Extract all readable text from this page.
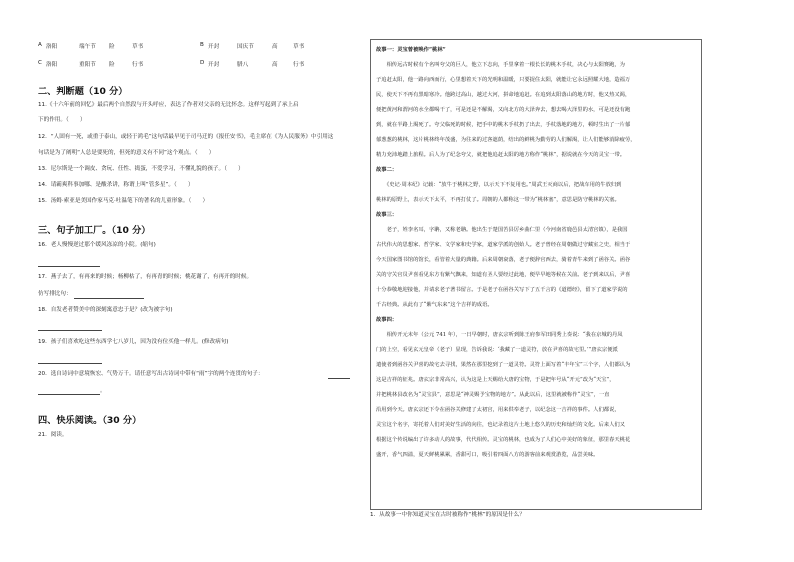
A 洛阳	端午节 险	草书	B 开封	国庆节	高	草书
C 洛阳	重阳节 险	行书	D 开封	腊八	高	行书
二、判断题（10 分）
11.《十六年前的回忆》最后两个自然段与开头呼应，表达了作者对父亲的无比怀念。这样写起到了承上启
下的作用。（　　）
12．“人固有一死，或重于泰山，或轻于鸿毛”这句话最早见于司马迁的《报任安书》，毛主席在《为人民服务》中引用这
句话是为了阐明“人总是要死的，但死的意义有不同”这个观点。（　　）
13．尼尔斯是一个调皮、贪玩、任性、捣蛋，不爱学习，不懂礼貌的孩子。（　　）
14．请霸爽科事加哪、是酸杀讲，称谓上叫“管多星”。（　　）
15．汤姆·索亚是美国作家马克·吐温笔下的著名的儿童形象。（　　）
三、句子加工厂。（10 分）
16．老人慢慢逆过那个缓风冻凉的小院。(缩句)
17．燕子去了，有再来的时候；杨柳枯了，有再青的时候；桃花谢了，有再开的时候。
仿写排比句：
18．自发老者赞美中的深刻寓意忠于是？(改为被字句)
19．孩子们喜欢吃这些东西学七八岁儿，因为没有位买他一样儿。(修改病句)
20．选自诗词中意境恢宏、气势万千。请任意写出古诗词中带有“雨”字的两个连贯的句子：
。
四、快乐阅读。（30 分）
21．阅读。
故事一：灵宝曾被唤作“桃林”
　　相传远古时候有个名叫夸父的巨人，他立下志向，手里拿着一根长长的桃木手杖，决心与太阳赛跑，为
子追赶太阳，他一路向西而行，心里想着天下的光明和温暖，只要捉住太阳，就能让它永远照耀大地，造福万
民，使天下不再有黑暗寒冷。他跨过高山，越过大河，拼命地追赶。在追到太阳落山的地方时，他又热又渴，
便把黄河和渭河的水全都喝干了，可是还是不解渴，又向北方的大泽奔去，想去喝大泽里的水，可是还没有跑
到，就在半路上渴死了。夸父临死的时候，把手中的桃木手杖扔了出去，手杖落地的地方，顿时生出了一片郁
郁葱葱的桃林，这片桃林终年茂盛，为往来的过客遮荫，结出的鲜桃为勤劳的人们解渴，让人们能够消除疲劳，
精力充沛地踏上旅程。后人为了纪念夸父，就把他追赶太阳的地方称作“桃林”，据说就在今天的灵宝一带。
故事二：
　　《史记·周本纪》记载：“放牛于桃林之野，以示天下不复用也。”周武王灭商以后，把战车用的牛放归到
桃林的原野上，表示天下太平，不再打仗了。周朝的人都称这一带为“桃林塞”，意思是防守桃林的关塞。
故事三：
　　老子，姓李名耳，字聃，又称老聃。他出生于楚国苦县厉乡曲仁里（今河南省鹿邑县太清宫镇），是我国
古代伟大的思想家、哲学家、文学家和史学家，道家学派的创始人。老子曾经在周朝做过守藏室之史，相当于
今天国家图书馆的馆长，看管着大量的典籍。后来周朝衰落，老子便辞官西去，骑着青牛来到了函谷关。函谷
关的守关官员尹喜看见东方有紫气飘来，知道有圣人要经过此地，便早早地等候在关前。老子到来以后，尹喜
十分恭敬地迎接他，并请求老子著书留言。于是老子在函谷关写下了五千言的《道德经》，留下了道家学说的
千古经典。从此有了“紫气东来”这个吉祥的成语。
故事四：
　　相传开元末年（公元 741 年），一日早朝时，唐玄宗听到陈王府参军田同秀上奏说：“我在京城的丹凤
门的上空，看见玄元皇帝（老子）显现，告诉我说：‘我藏了一道灵符，放在尹喜的故宅里。’”唐玄宗便派
遣使者到函谷关尹喜的故宅去寻找，果然在那里挖到了一道灵符。灵符上面写着“丰年宝”三个字，人们都认为
这是吉祥的征兆。唐玄宗非常高兴，认为这是上天赐给大唐的宝物，于是把年号从“开元”改为“天宝”，
并把桃林县改名为“灵宝县”，意思是“神灵赐予宝物的地方”。从此以后，这里就被称作“灵宝”，一直
沿用到今天。唐玄宗还下令在函谷关修建了太初宫，用来供奉老子，以纪念这一吉祥的事件。人们都说，
灵宝这个名字，寄托着人们对美好生活的向往，也记录着这片土地上悠久的历史和灿烂的文化。后来人们又
根据这个传说编出了许多动人的故事，代代相传。灵宝的桃林，也成为了人们心中美好的象征，那里春天桃花
盛开，香气四溢，夏天鲜桃累累，香甜可口，吸引着四面八方的游客前来观赏游览，品尝美味。
1．从故事一中你知道灵宝在古时被称作“桃林”的原因是什么？
